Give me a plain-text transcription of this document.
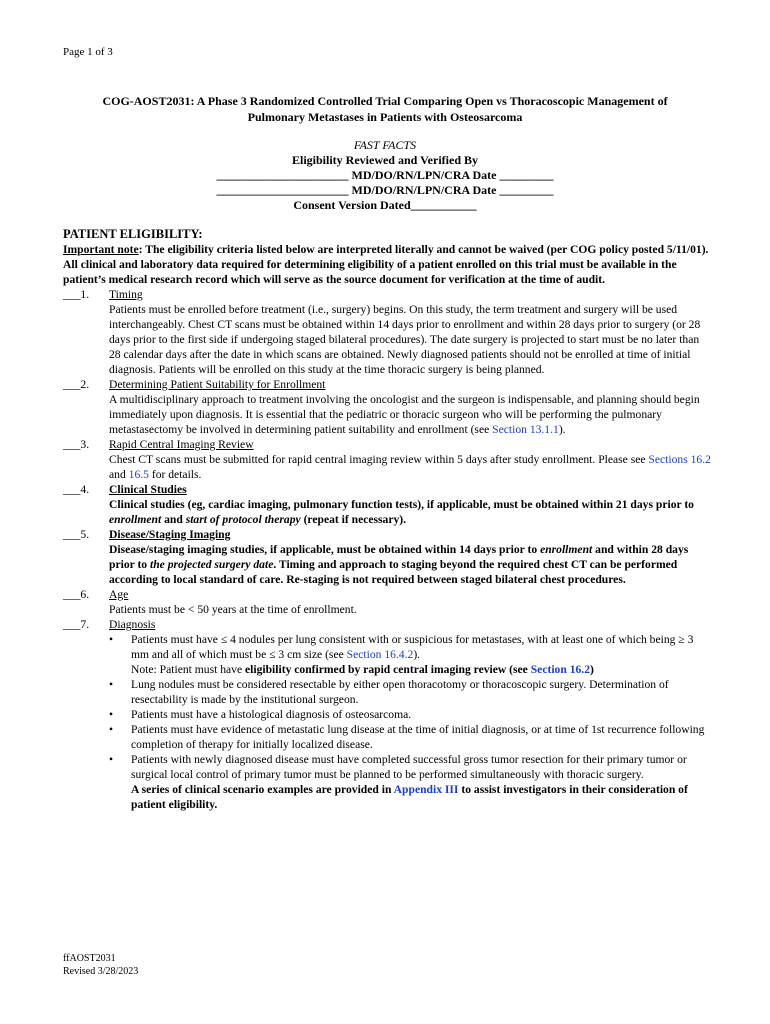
Page 1 of 3
COG-AOST2031: A Phase 3 Randomized Controlled Trial Comparing Open vs Thoracoscopic Management of
Pulmonary Metastases in Patients with Osteosarcoma
FAST FACTS
Eligibility Reviewed and Verified By
______________________ MD/DO/RN/LPN/CRA Date _________
______________________ MD/DO/RN/LPN/CRA Date _________
Consent Version Dated___________
PATIENT ELIGIBILITY:
Important note: The eligibility criteria listed below are interpreted literally and cannot be waived (per COG policy posted 5/11/01). All clinical and laboratory data required for determining eligibility of a patient enrolled on this trial must be available in the patient’s medical research record which will serve as the source document for verification at the time of audit.
___1.	Timing
Patients must be enrolled before treatment (i.e., surgery) begins. On this study, the term treatment and surgery will be used interchangeably. Chest CT scans must be obtained within 14 days prior to enrollment and within 28 days prior to surgery (or 28 days prior to the first side if undergoing staged bilateral procedures). The date surgery is projected to start must be no later than 28 calendar days after the date in which scans are obtained. Newly diagnosed patients should not be enrolled at time of initial diagnosis. Patients will be enrolled on this study at the time thoracic surgery is being planned.
___2.	Determining Patient Suitability for Enrollment
A multidisciplinary approach to treatment involving the oncologist and the surgeon is indispensable, and planning should begin immediately upon diagnosis. It is essential that the pediatric or thoracic surgeon who will be performing the pulmonary metastasectomy be involved in determining patient suitability and enrollment (see Section 13.1.1).
___3.	Rapid Central Imaging Review
Chest CT scans must be submitted for rapid central imaging review within 5 days after study enrollment. Please see Sections 16.2 and 16.5 for details.
___4.	Clinical Studies
Clinical studies (eg, cardiac imaging, pulmonary function tests), if applicable, must be obtained within 21 days prior to enrollment and start of protocol therapy (repeat if necessary).
___5.	Disease/Staging Imaging
Disease/staging imaging studies, if applicable, must be obtained within 14 days prior to enrollment and within 28 days prior to the projected surgery date. Timing and approach to staging beyond the required chest CT can be performed according to local standard of care. Re-staging is not required between staged bilateral chest procedures.
___6.	Age
Patients must be < 50 years at the time of enrollment.
___7.	Diagnosis
• Patients must have ≤ 4 nodules per lung consistent with or suspicious for metastases, with at least one of which being ≥ 3 mm and all of which must be ≤ 3 cm size (see Section 16.4.2).
Note: Patient must have eligibility confirmed by rapid central imaging review (see Section 16.2)
• Lung nodules must be considered resectable by either open thoracotomy or thoracoscopic surgery. Determination of resectability is made by the institutional surgeon.
• Patients must have a histological diagnosis of osteosarcoma.
• Patients must have evidence of metastatic lung disease at the time of initial diagnosis, or at time of 1st recurrence following completion of therapy for initially localized disease.
• Patients with newly diagnosed disease must have completed successful gross tumor resection for their primary tumor or surgical local control of primary tumor must be planned to be performed simultaneously with thoracic surgery.
A series of clinical scenario examples are provided in Appendix III to assist investigators in their consideration of patient eligibility.
ffAOST2031
Revised 3/28/2023
